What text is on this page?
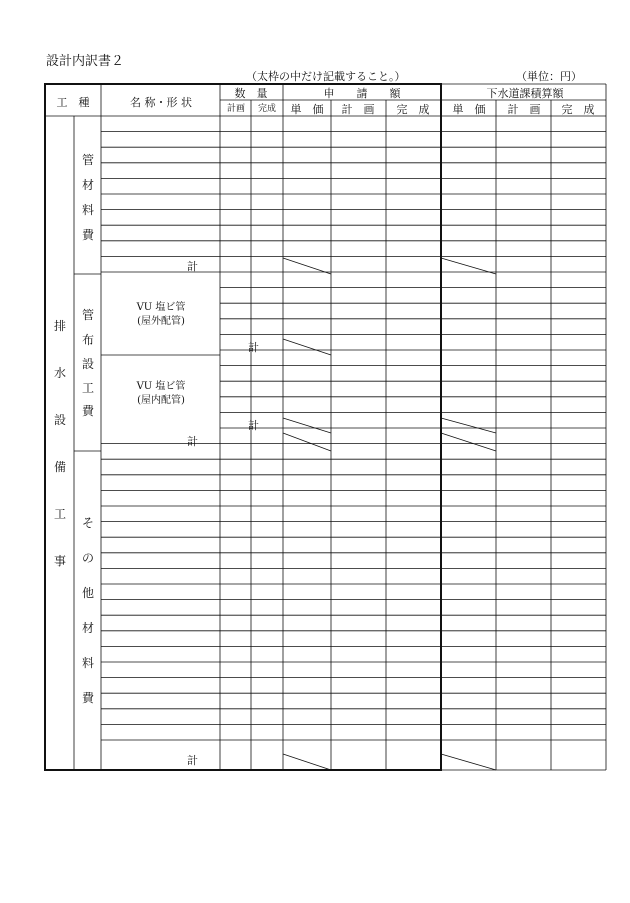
設計内訳書２
（太枠の中だけ記載すること。）	（単位：円）
工　種	名 称・形 状
数　量
計画 完成
申　　請　　額
単　価 計　画 完　成
下水道課積算額
単　価 計　画 完　成
排
水
設
備
工
事
管
材
料
費
管
布
設
工
費
そ
の
他
材
料
費
VU 塩ビ管
(屋外配管)
VU 塩ビ管
(屋内配管)
計
計
計
計
計
